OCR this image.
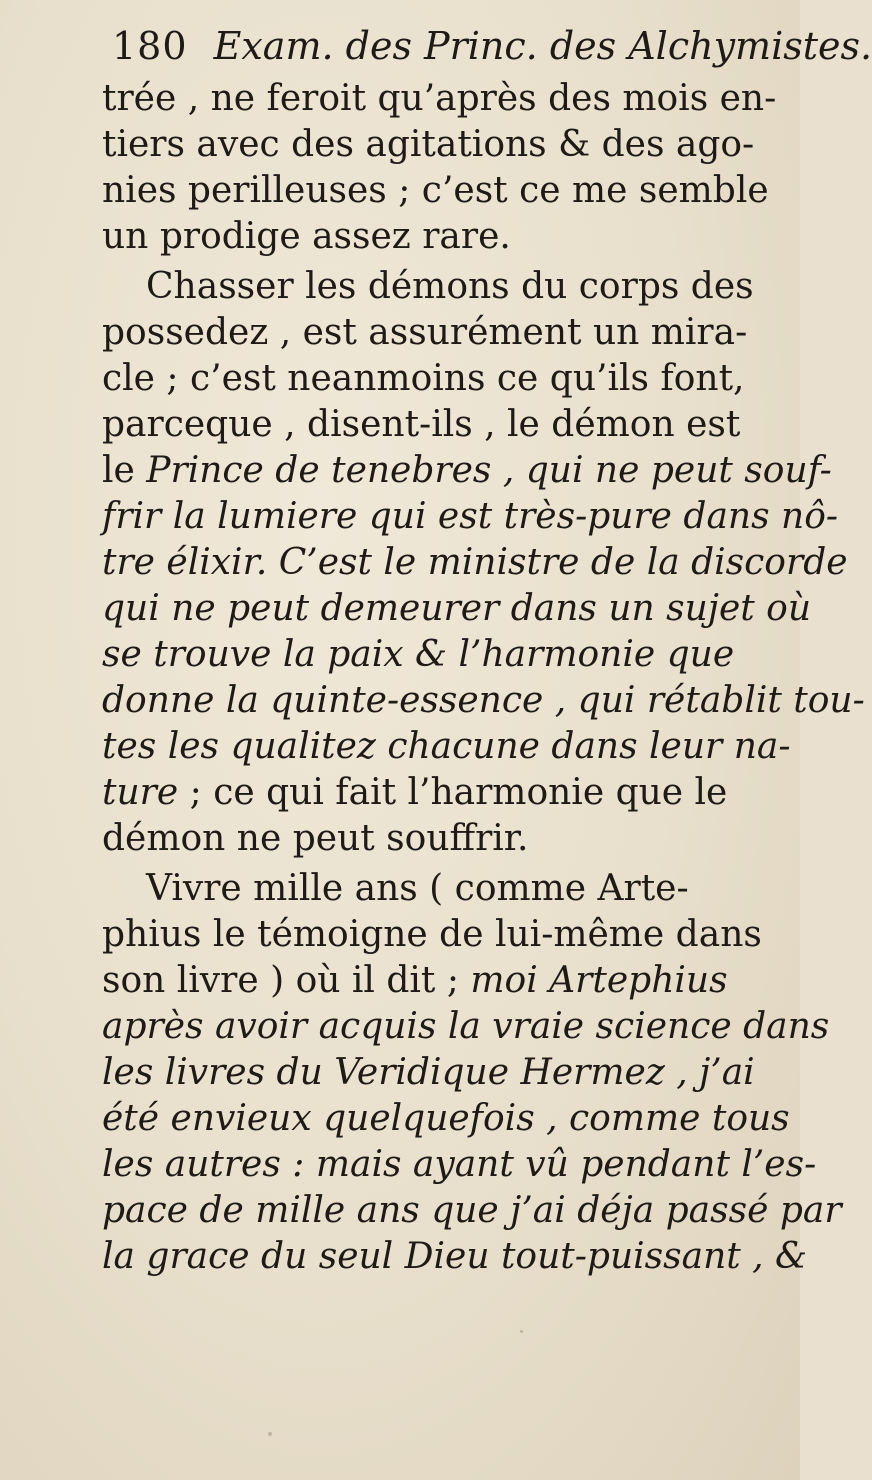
180 Exam. des Princ. des Alchymistes.
trée , ne feroit qu’après des mois en-
tiers avec des agitations & des ago-
nies perilleuses ; c’est ce me semble
un prodige assez rare.
Chasser les démons du corps des
possedez , est assurément un mira-
cle ; c’est neanmoins ce qu’ils font,
parceque , disent-ils , le démon est
le Prince de tenebres , qui ne peut souf-
frir la lumiere qui est très-pure dans nô-
tre élixir. C’est le ministre de la discorde
qui ne peut demeurer dans un sujet où
se trouve la paix & l’harmonie que
donne la quinte-essence , qui rétablit tou-
tes les qualitez chacune dans leur na-
ture ; ce qui fait l’harmonie que le
démon ne peut souffrir.
Vivre mille ans ( comme Arte-
phius le témoigne de lui-même dans
son livre ) où il dit ; moi Artephius
après avoir acquis la vraie science dans
les livres du Veridique Hermez , j’ai
été envieux quelquefois , comme tous
les autres : mais ayant vû pendant l’es-
pace de mille ans que j’ai déja passé par
la grace du seul Dieu tout-puissant , &
